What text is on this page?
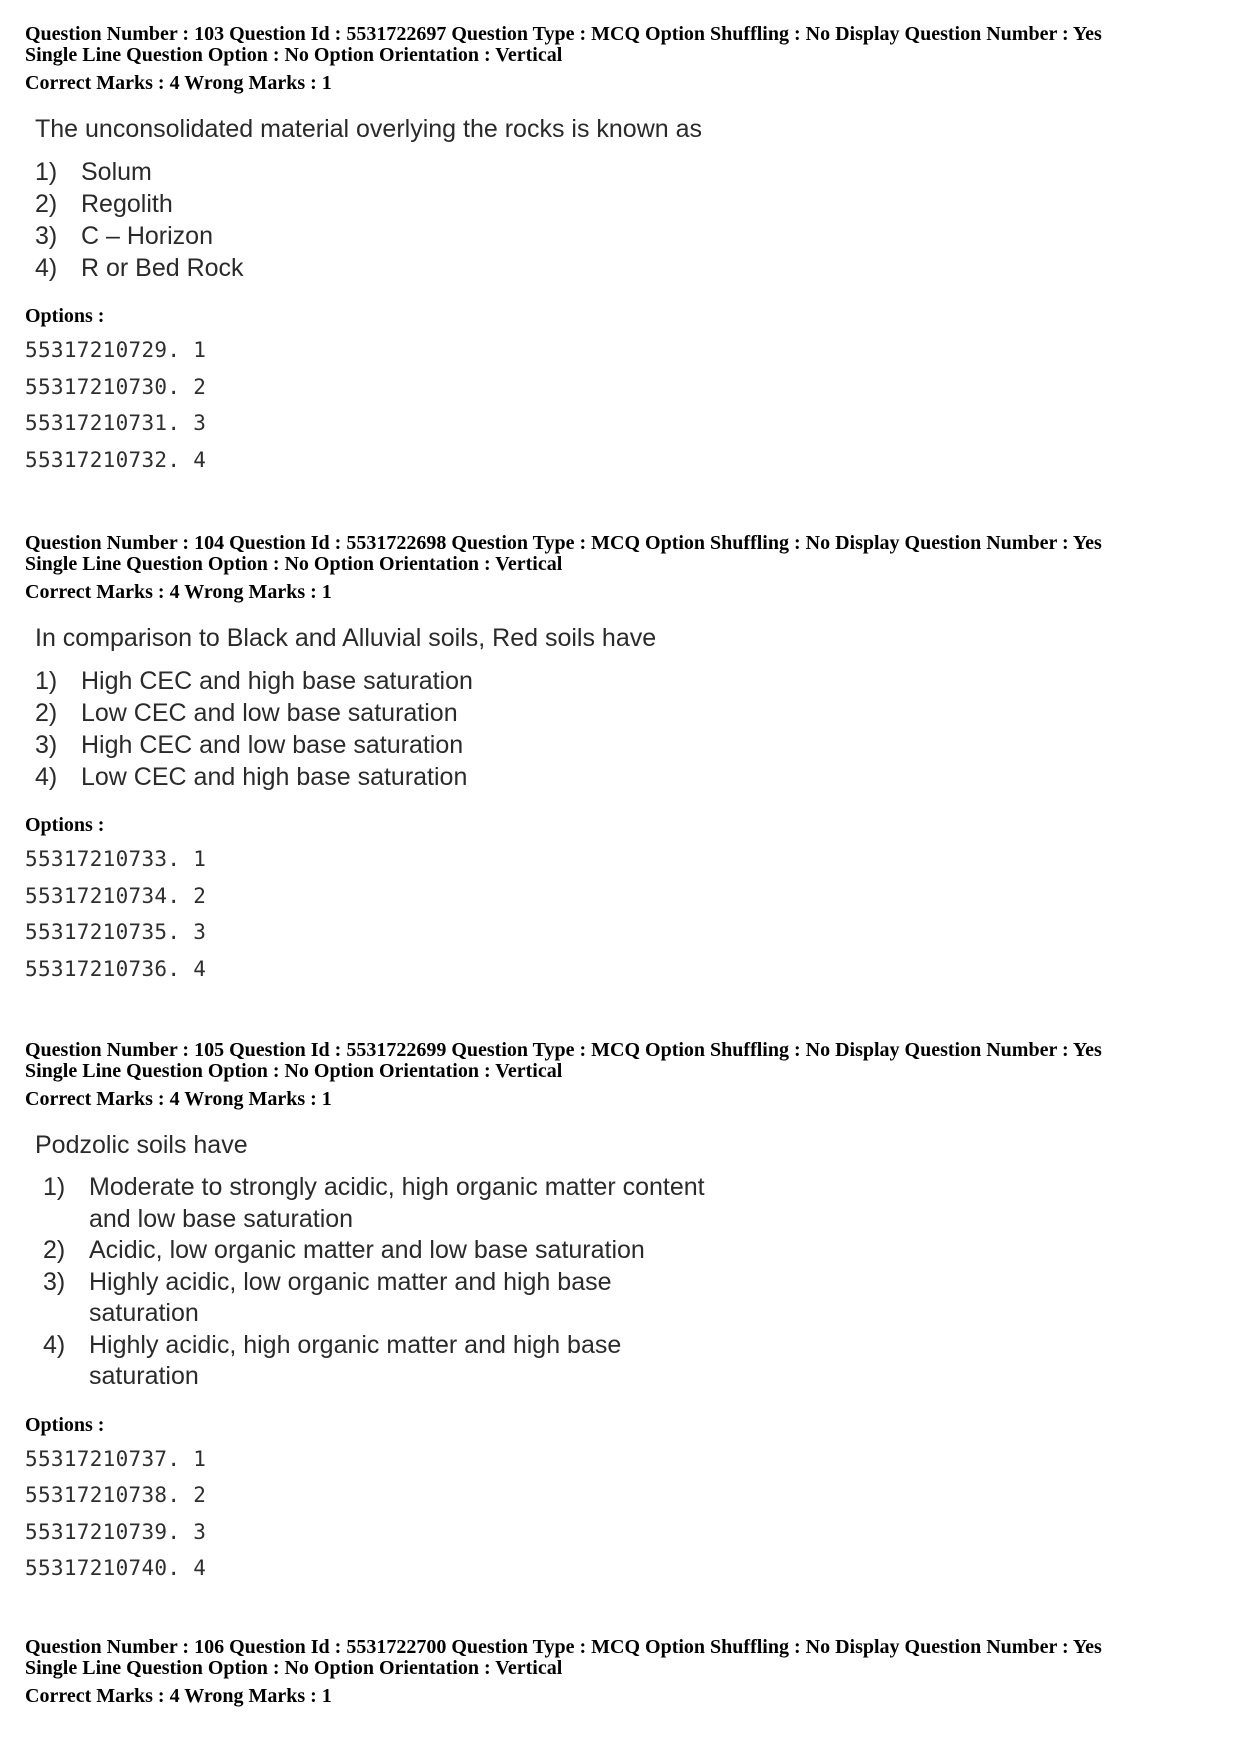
Question Number : 103 Question Id : 5531722697 Question Type : MCQ Option Shuffling : No Display Question Number : Yes
Single Line Question Option : No Option Orientation : Vertical
Correct Marks : 4 Wrong Marks : 1
The unconsolidated material overlying the rocks is known as
1) Solum
2) Regolith
3) C – Horizon
4) R or Bed Rock
Options :
55317210729. 1
55317210730. 2
55317210731. 3
55317210732. 4
Question Number : 104 Question Id : 5531722698 Question Type : MCQ Option Shuffling : No Display Question Number : Yes
Single Line Question Option : No Option Orientation : Vertical
Correct Marks : 4 Wrong Marks : 1
In comparison to Black and Alluvial soils, Red soils have
1) High CEC and high base saturation
2) Low CEC and low base saturation
3) High CEC and low base saturation
4) Low CEC and high base saturation
Options :
55317210733. 1
55317210734. 2
55317210735. 3
55317210736. 4
Question Number : 105 Question Id : 5531722699 Question Type : MCQ Option Shuffling : No Display Question Number : Yes
Single Line Question Option : No Option Orientation : Vertical
Correct Marks : 4 Wrong Marks : 1
Podzolic soils have
1) Moderate to strongly acidic, high organic matter content and low base saturation
2) Acidic, low organic matter and low base saturation
3) Highly acidic, low organic matter and high base saturation
4) Highly acidic, high organic matter and high base saturation
Options :
55317210737. 1
55317210738. 2
55317210739. 3
55317210740. 4
Question Number : 106 Question Id : 5531722700 Question Type : MCQ Option Shuffling : No Display Question Number : Yes
Single Line Question Option : No Option Orientation : Vertical
Correct Marks : 4 Wrong Marks : 1
